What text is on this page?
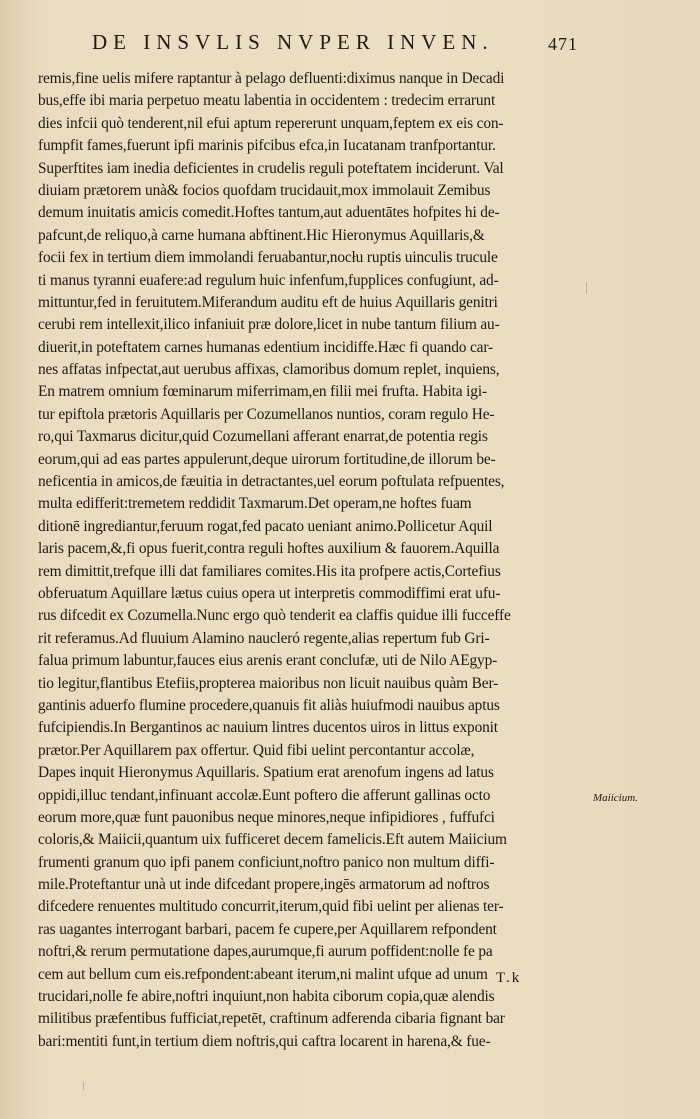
DE INSVLIS NVPER INVEN.	471
remis,fine uelis mifere raptantur à pelago defluenti:diximus nanque in Decadi
bus,effe ibi maria perpetuo meatu labentia in occidentem : tredecim errarunt
dies infcii quò tenderent,nil efui aptum repererunt unquam,feptem ex eis con-
fumpfit fames,fuerunt ipfi marinis pifcibus efca,in Iucatanam tranfportantur.
Superftites iam inedia deficientes in crudelis reguli poteftatem inciderunt. Val
diuiam prætorem unà& focios quofdam trucidauit,mox immolauit Zemibus
demum inuitatis amicis comedit.Hoftes tantum,aut aduentātes hofpites hi de-
pafcunt,de reliquo,à carne humana abftinent.Hic Hieronymus Aquillaris,&
focii fex in tertium diem immolandi feruabantur,nocłu ruptis uinculis trucule
ti manus tyranni euafere:ad regulum huic infenfum,fupplices confugiunt, ad-
mittuntur,fed in feruitutem.Miferandum auditu eft de huius Aquillaris genitri
cerubi rem intellexit,ilico infaniuit præ dolore,licet in nube tantum filium au-
diuerit,in poteftatem carnes humanas edentium incidiffe.Hæc fi quando car-
nes affatas infpectat,aut uerubus affixas, clamoribus domum replet, inquiens,
En matrem omnium fœminarum miferrimam,en filii mei frufta. Habita igi-
tur epiftola prætoris Aquillaris per Cozumellanos nuntios, coram regulo He-
ro,qui Taxmarus dicitur,quid Cozumellani afferant enarrat,de potentia regis
eorum,qui ad eas partes appulerunt,deque uirorum fortitudine,de illorum be-
neficentia in amicos,de fæuitia in detractantes,uel eorum poftulata refpuentes,
multa edifferit:tremetem reddidit Taxmarum.Det operam,ne hoftes fuam
ditionē ingrediantur,feruum rogat,fed pacato ueniant animo.Pollicetur Aquil
laris pacem,&,fi opus fuerit,contra reguli hoftes auxilium & fauorem.Aquilla
rem dimittit,trefque illi dat familiares comites.His ita profpere actis,Cortefius
obferuatum Aquillare lætus cuius opera ut interpretis commodiffimi erat ufu-
rus difcedit ex Cozumella.Nunc ergo quò tenderit ea claffis quidue illi fucceffe
rit referamus.Ad fluuium Alamino naucleró regente,alias repertum fub Gri-
falua primum labuntur,fauces eius arenis erant conclufæ, uti de Nilo AEgyp-
tio legitur,flantibus Etefiis,propterea maioribus non licuit nauibus quàm Ber-
gantinis aduerfo flumine procedere,quanuis fit aliàs huiufmodi nauibus aptus
fufcipiendis.In Bergantinos ac nauium lintres ducentos uiros in littus exponit
prætor.Per Aquillarem pax offertur. Quid fibi uelint percontantur accolæ,
Dapes inquit Hieronymus Aquillaris. Spatium erat arenofum ingens ad latus
oppidi,illuc tendant,infinuant accolæ.Eunt poftero die afferunt gallinas octo
eorum more,quæ funt pauonibus neque minores,neque infipidiores , fuffufci
coloris,& Maiicii,quantum uix fufficeret decem famelicis.Eft autem Maiicium
frumenti granum quo ipfi panem conficiunt,noftro panico non multum diffi-
mile.Proteftantur unà ut inde difcedant propere,ingēs armatorum ad noftros
difcedere renuentes multitudo concurrit,iterum,quid fibi uelint per alienas ter-
ras uagantes interrogant barbari, pacem fe cupere,per Aquillarem refpondent
noftri,& rerum permutatione dapes,aurumque,fi aurum poffident:nolle fe pa
cem aut bellum cum eis.refpondent:abeant iterum,ni malint ufque ad unum
trucidari,nolle fe abire,noftri inquiunt,non habita ciborum copia,quæ alendis
militibus præfentibus fufficiat,repetēt, craftinum adferenda cibaria fignant bar
bari:mentiti funt,in tertium diem noftris,qui caftra locarent in harena,& fue-
Maiicium.
T.k
